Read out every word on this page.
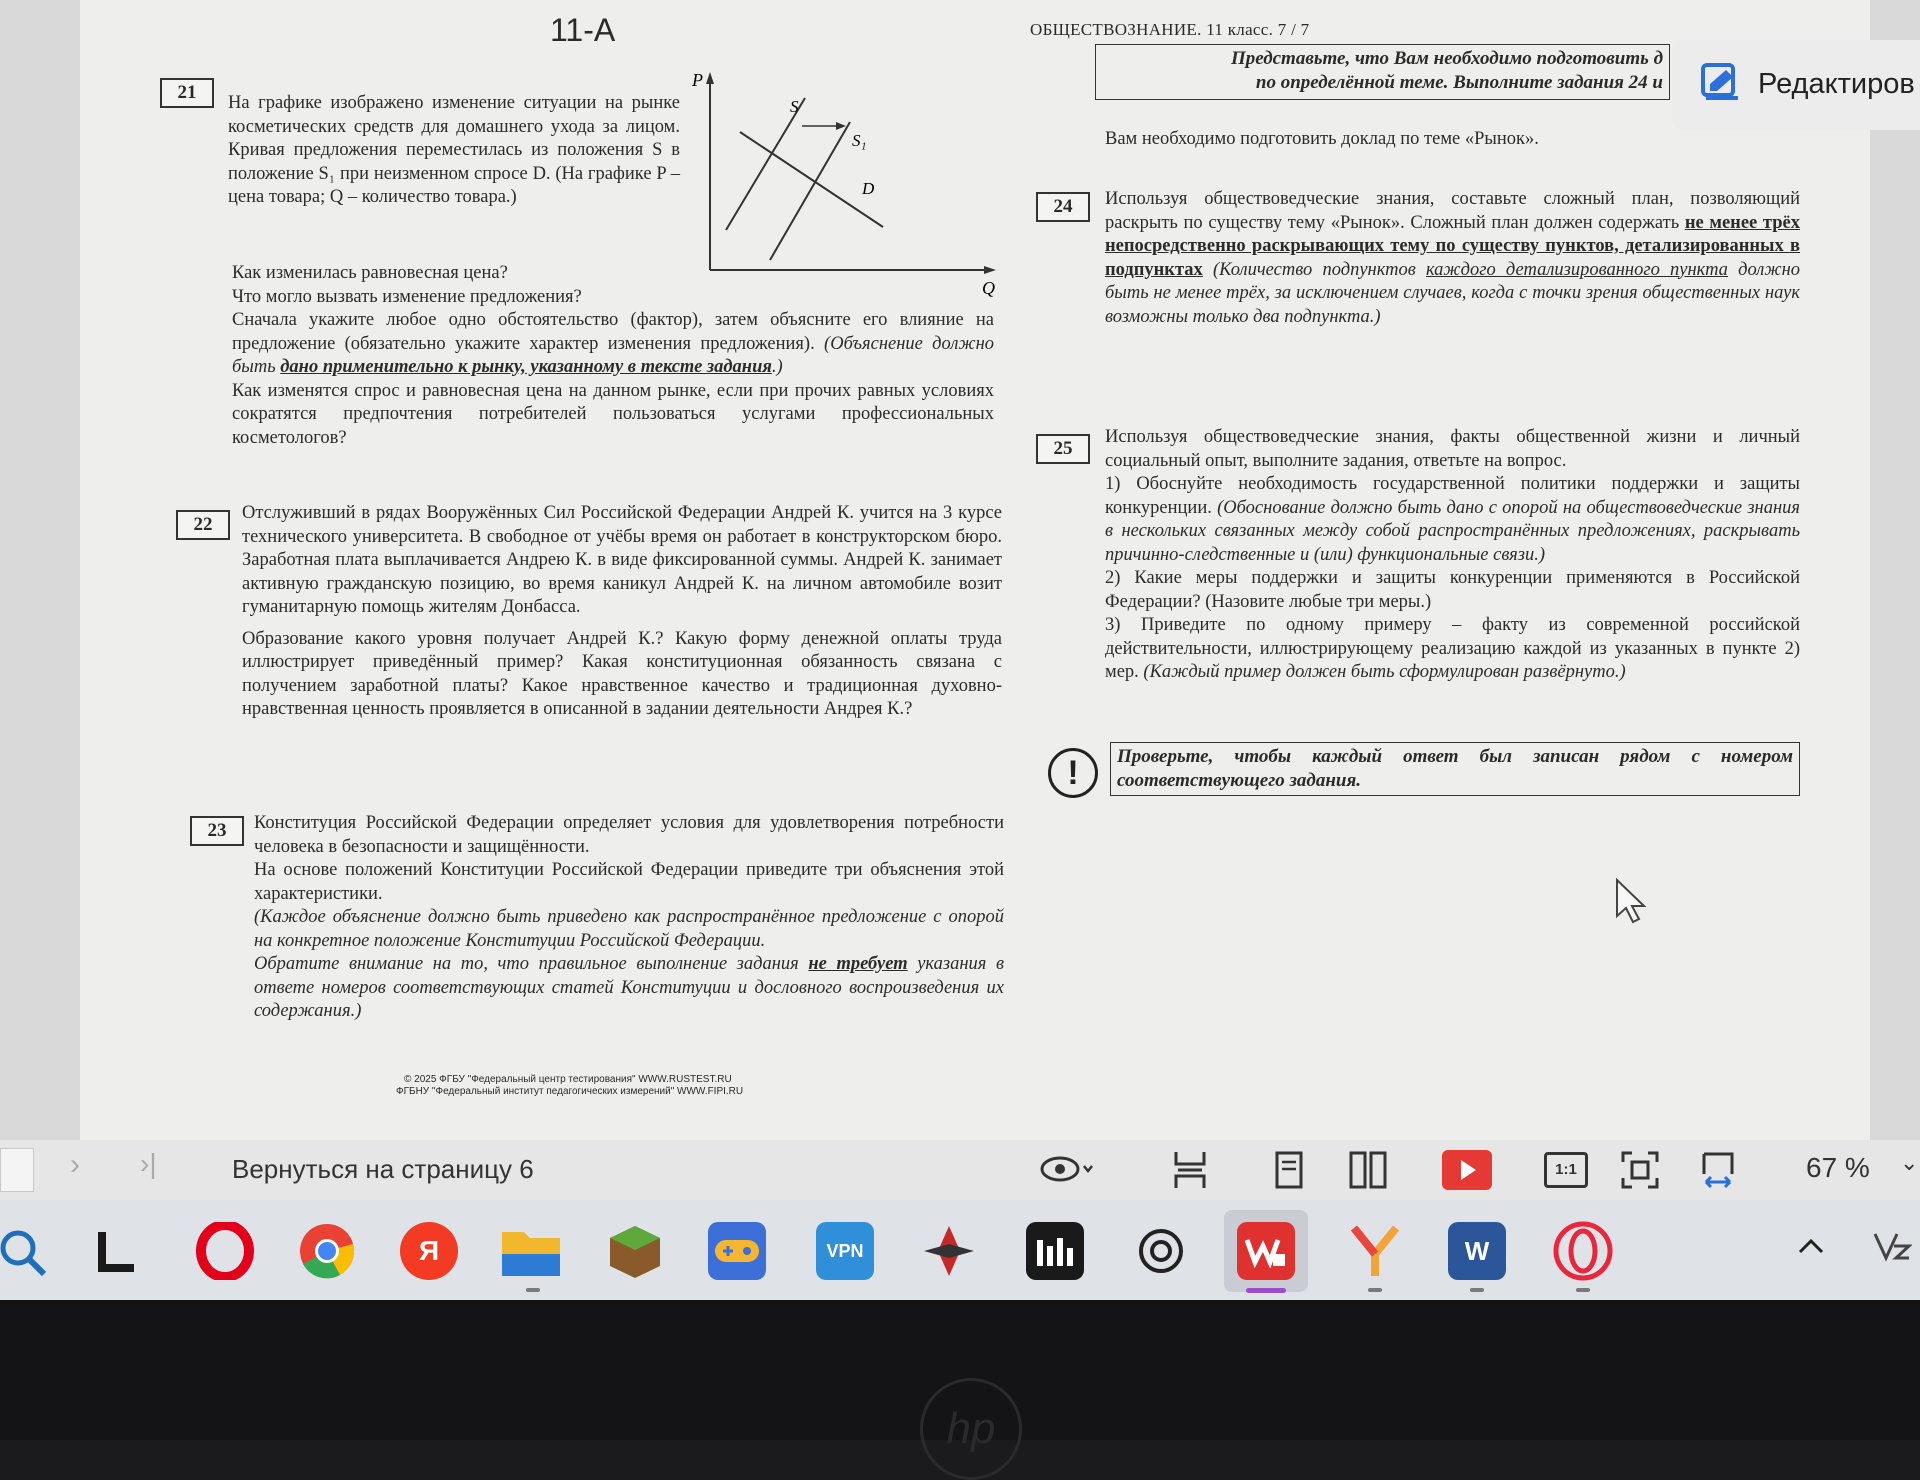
11-А	ОБЩЕСТВОЗНАНИЕ. 11 класс. 7 / 7
21	На графике изображено изменение ситуации на рынке косметических средств для домашнего ухода за лицом. Кривая предложения переместилась из положения S в положение S₁ при неизменном спросе D. (На графике P – цена товара; Q – количество товара.)
P
Q
S
S₁
D

Как изменилась равновесная цена?

Что могло вызвать изменение предложения?

Сначала укажите любое одно обстоятельство (фактор), затем объясните его влияние на предложение (обязательно укажите характер изменения предложения). (Объяснение должно быть дано применительно к рынку, указанному в тексте задания.)

Как изменятся спрос и равновесная цена на данном рынке, если при прочих равных условиях сократятся предпочтения потребителей пользоваться услугами профессиональных косметологов?

22

Отслуживший в рядах Вооружённых Сил Российской Федерации Андрей К. учится на 3 курсе технического университета. В свободное от учёбы время он работает в конструкторском бюро. Заработная плата выплачивается Андрею К. в виде фиксированной суммы. Андрей К. занимает активную гражданскую позицию, во время каникул Андрей К. на личном автомобиле возит гуманитарную помощь жителям Донбасса.

Образование какого уровня получает Андрей К.? Какую форму денежной оплаты труда иллюстрирует приведённый пример? Какая конституционная обязанность связана с получением заработной платы? Какое нравственное качество и традиционная духовно-нравственная ценность проявляется в описанной в задании деятельности Андрея К.?

23	Конституция Российской Федерации определяет условия для удовлетворения потребности человека в безопасности и защищённости.

На основе положений Конституции Российской Федерации приведите три объяснения этой характеристики.

(Каждое объяснение должно быть приведено как распространённое предложение с опорой на конкретное положение Конституции Российской Федерации.

Обратите внимание на то, что правильное выполнение задания не требует указания в ответе номеров соответствующих статей Конституции и дословного воспроизведения их содержания.)

© 2025 ФГБУ "Федеральный центр тестирования" WWW.RUSTEST.RU
ФГБНУ "Федеральный институт педагогических измерений" WWW.FIPI.RU
Представьте, что Вам необходимо подготовить д
по определённой теме. Выполните задания 24 и
Вам необходимо подготовить доклад по теме «Рынок».
24	Используя обществоведческие знания, составьте сложный план, позволяющий раскрыть по существу тему «Рынок». Сложный план должен содержать не менее трёх непосредственно раскрывающих тему по существу пунктов, детализированных в подпунктах (Количество подпунктов каждого детализированного пункта должно быть не менее трёх, за исключением случаев, когда с точки зрения общественных наук возможны только два подпункта.)
25

Используя обществоведческие знания, факты общественной жизни и личный социальный опыт, выполните задания, ответьте на вопрос.

1) Обоснуйте необходимость государственной политики поддержки и защиты конкуренции. (Обоснование должно быть дано с опорой на обществоведческие знания в нескольких связанных между собой распространённых предложениях, раскрывать причинно-следственные и (или) функциональные связи.)

2) Какие меры поддержки и защиты конкуренции применяются в Российской Федерации? (Назовите любые три меры.)

3) Приведите по одному примеру – факту из современной российской действительности, иллюстрирующему реализацию каждой из указанных в пункте 2) мер. (Каждый пример должен быть сформулирован развёрнуто.)

!	Проверьте, чтобы каждый ответ был записан рядом с номером соответствующего задания.
Редактиров
› ›|	Вернуться на страницу 6	1:1	67 % ⌄
Я	VPN	W
hp
